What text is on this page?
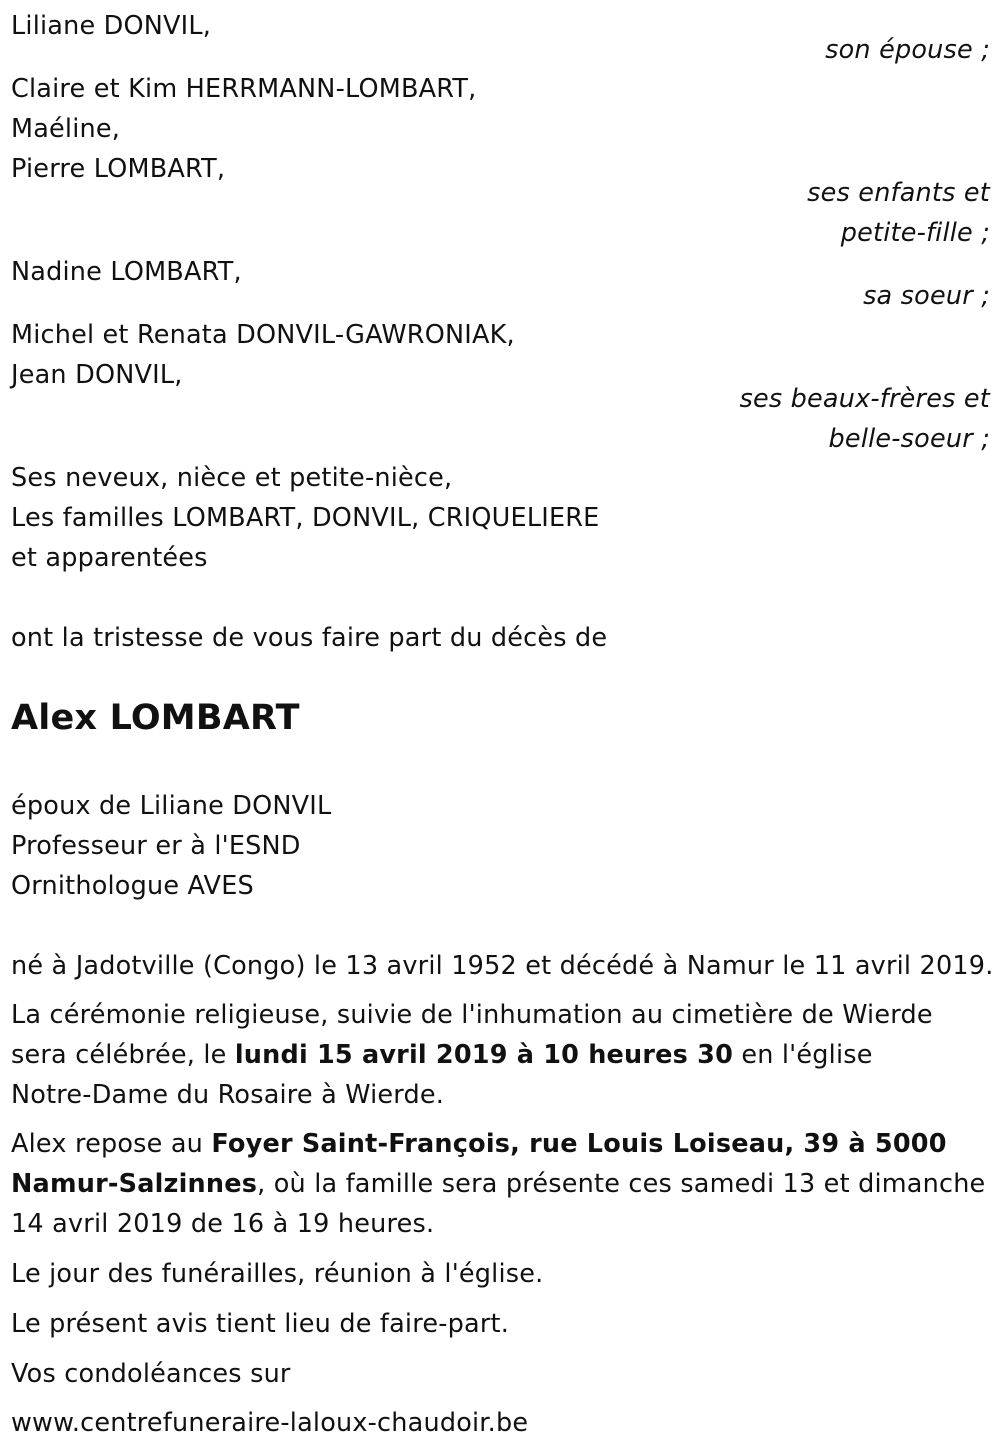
Liliane DONVIL,
son épouse ;
Claire et Kim HERRMANN-LOMBART,
Maéline,
Pierre LOMBART,
ses enfants et
petite-fille ;
Nadine LOMBART,
sa soeur ;
Michel et Renata DONVIL-GAWRONIAK,
Jean DONVIL,
ses beaux-frères et
belle-soeur ;
Ses neveux, nièce et petite-nièce,
Les familles LOMBART, DONVIL, CRIQUELIERE
et apparentées
ont la tristesse de vous faire part du décès de
Alex LOMBART
époux de Liliane DONVIL
Professeur er à l'ESND
Ornithologue AVES
né à Jadotville (Congo) le 13 avril 1952 et décédé à Namur le 11 avril 2019.
La cérémonie religieuse, suivie de l'inhumation au cimetière de Wierde
sera célébrée, le lundi 15 avril 2019 à 10 heures 30 en l'église
Notre-Dame du Rosaire à Wierde.
Alex repose au Foyer Saint-François, rue Louis Loiseau, 39 à 5000
Namur-Salzinnes, où la famille sera présente ces samedi 13 et dimanche
14 avril 2019 de 16 à 19 heures.
Le jour des funérailles, réunion à l'église.
Le présent avis tient lieu de faire-part.
Vos condoléances sur
www.centrefuneraire-laloux-chaudoir.be
